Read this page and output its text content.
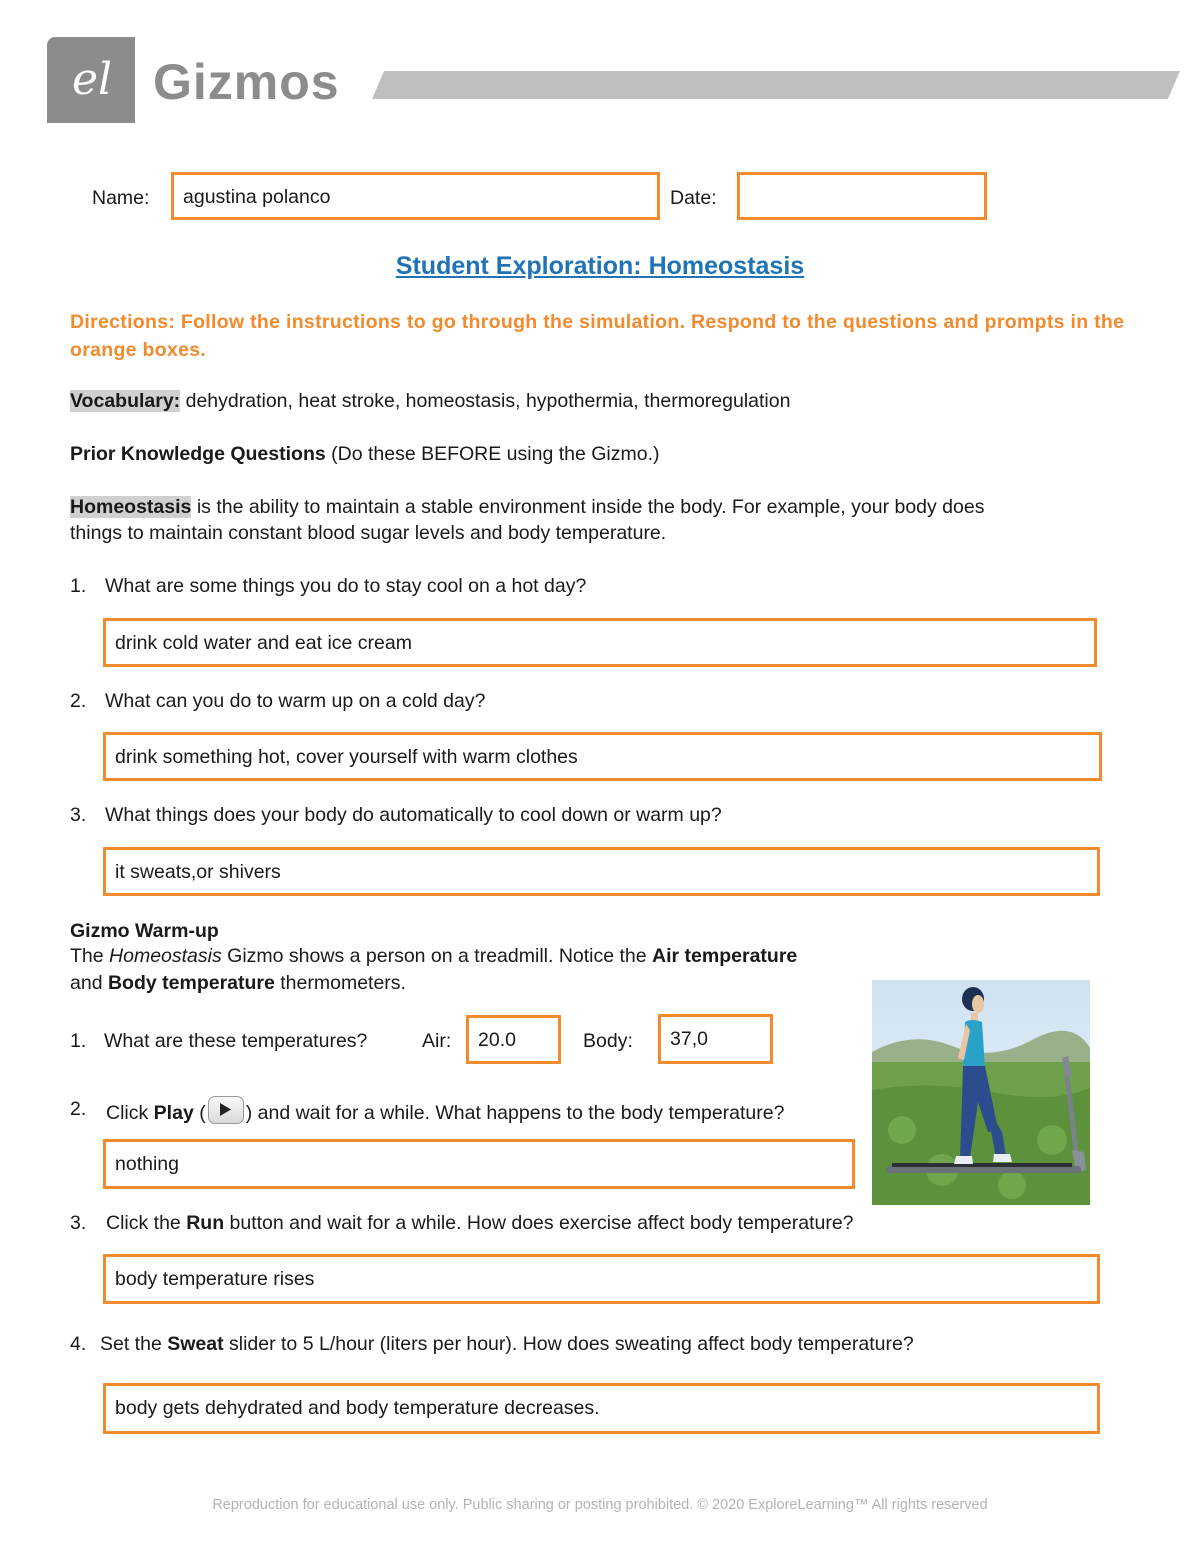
el Gizmos
Name: agustina polanco	Date:
Student Exploration: Homeostasis
Directions: Follow the instructions to go through the simulation. Respond to the questions and prompts in the orange boxes.
Vocabulary: dehydration, heat stroke, homeostasis, hypothermia, thermoregulation
Prior Knowledge Questions (Do these BEFORE using the Gizmo.)
Homeostasis is the ability to maintain a stable environment inside the body. For example, your body does
things to maintain constant blood sugar levels and body temperature.
1. What are some things you do to stay cool on a hot day?
drink cold water and eat ice cream
2. What can you do to warm up on a cold day?
drink something hot, cover yourself with warm clothes
3. What things does your body do automatically to cool down or warm up?
it sweats,or shivers
Gizmo Warm-up
The Homeostasis Gizmo shows a person on a treadmill. Notice the Air temperature
and Body temperature thermometers.
1. What are these temperatures?	Air: 20.0	Body: 37,0
2. Click Play ( ) and wait for a while. What happens to the body temperature?
nothing
3. Click the Run button and wait for a while. How does exercise affect body temperature?
body temperature rises
4. Set the Sweat slider to 5 L/hour (liters per hour). How does sweating affect body temperature?
body gets dehydrated and body temperature decreases.
Reproduction for educational use only. Public sharing or posting prohibited. © 2020 ExploreLearning™ All rights reserved
